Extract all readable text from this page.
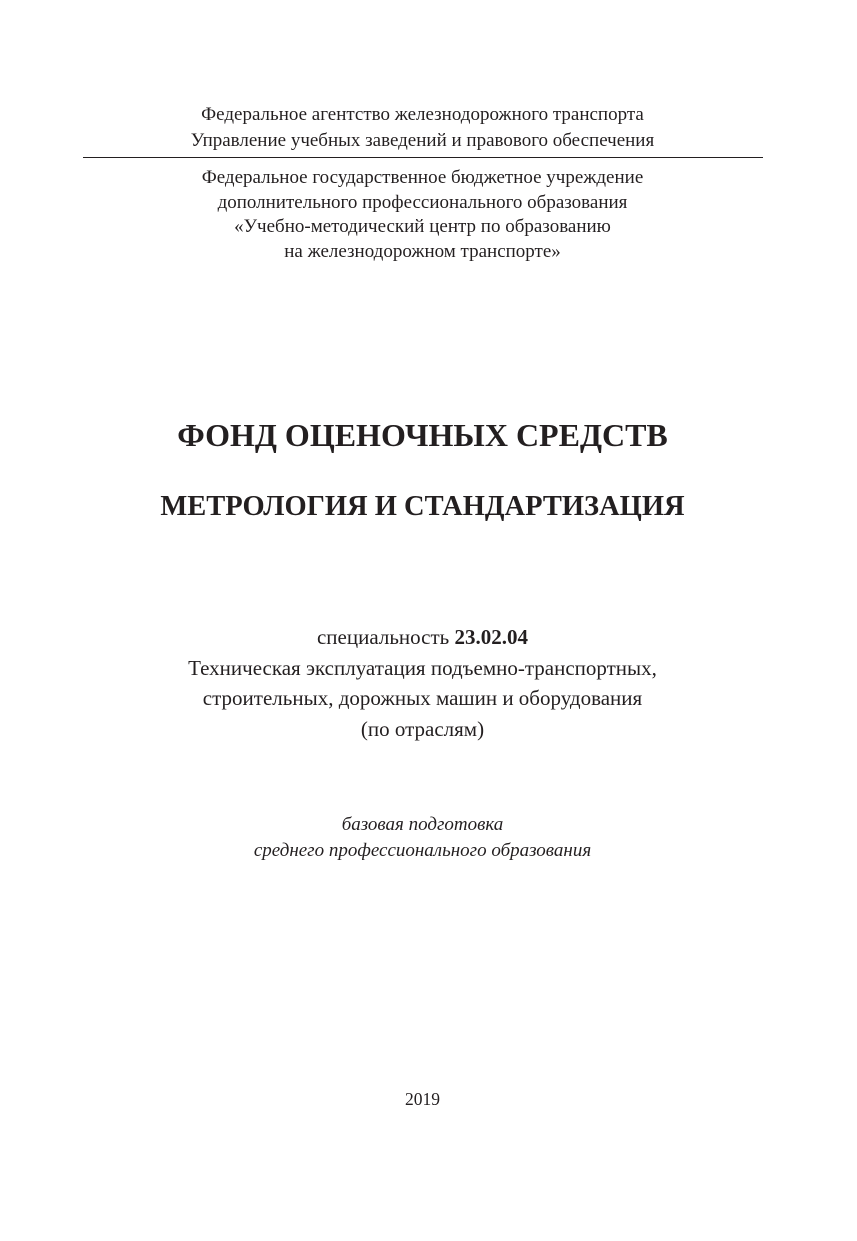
Федеральное агентство железнодорожного транспорта
Управление учебных заведений и правового обеспечения
Федеральное государственное бюджетное учреждение
дополнительного профессионального образования
«Учебно-методический центр по образованию
на железнодорожном транспорте»
ФОНД ОЦЕНОЧНЫХ СРЕДСТВ
МЕТРОЛОГИЯ И СТАНДАРТИЗАЦИЯ
специальность 23.02.04
Техническая эксплуатация подъемно-транспортных,
строительных, дорожных машин и оборудования
(по отраслям)
базовая подготовка
среднего профессионального образования
2019
